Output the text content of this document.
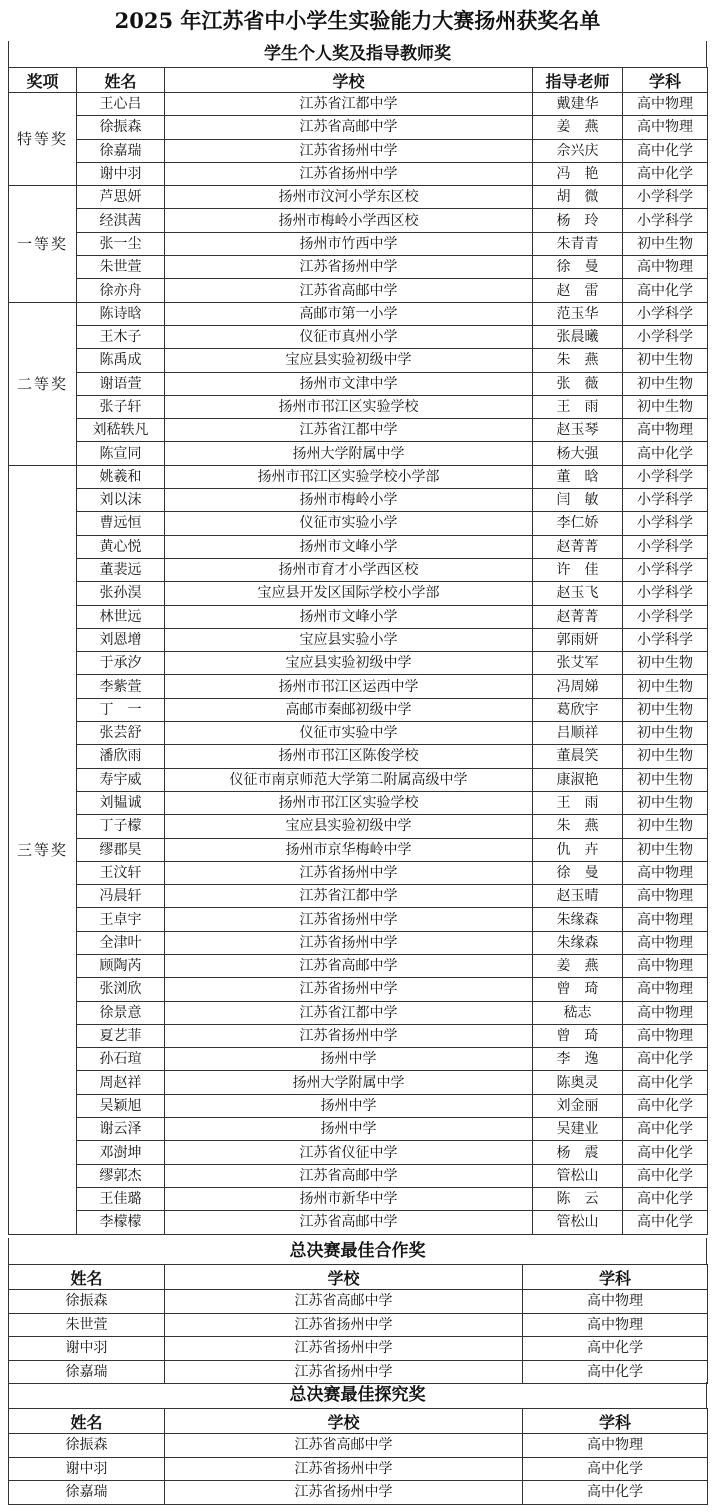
2025 年江苏省中小学生实验能力大赛扬州获奖名单
学生个人奖及指导教师奖
奖项	姓名	学校	指导老师	学科
特等奖	王心吕	江苏省江都中学	戴建华	高中物理
	徐振森	江苏省高邮中学	姜　燕	高中物理
	徐嘉瑞	江苏省扬州中学	佘兴庆	高中化学
	谢中羽	江苏省扬州中学	冯　艳	高中化学
一等奖	芦思妍	扬州市汶河小学东区校	胡　微	小学科学
	经淇茜	扬州市梅岭小学西区校	杨　玲	小学科学
	张一尘	扬州市竹西中学	朱青青	初中生物
	朱世萱	江苏省扬州中学	徐　曼	高中物理
	徐亦舟	江苏省高邮中学	赵　雷	高中化学
二等奖	陈诗晗	高邮市第一小学	范玉华	小学科学
	王木子	仪征市真州小学	张晨曦	小学科学
	陈禹成	宝应县实验初级中学	朱　燕	初中生物
	谢语萱	扬州市文津中学	张　薇	初中生物
	张子轩	扬州市邗江区实验学校	王　雨	初中生物
	刘嵇轶凡	江苏省江都中学	赵玉琴	高中物理
	陈宣同	扬州大学附属中学	杨大强	高中化学
三等奖	姚羲和	扬州市邗江区实验学校小学部	董　晗	小学科学
	刘以沫	扬州市梅岭小学	闫　敏	小学科学
	曹远恒	仪征市实验小学	李仁娇	小学科学
	黄心悦	扬州市文峰小学	赵菁菁	小学科学
	董裴远	扬州市育才小学西区校	许　佳	小学科学
	张孙淏	宝应县开发区国际学校小学部	赵玉飞	小学科学
	林世远	扬州市文峰小学	赵菁菁	小学科学
	刘恩增	宝应县实验小学	郭雨妍	小学科学
	于承汐	宝应县实验初级中学	张艾军	初中生物
	李紫萱	扬州市邗江区运西中学	冯周娣	初中生物
	丁　一	高邮市秦邮初级中学	葛欣宇	初中生物
	张芸舒	仪征市实验中学	吕顺祥	初中生物
	潘欣雨	扬州市邗江区陈俊学校	董晨笑	初中生物
	寿宇威	仪征市南京师范大学第二附属高级中学	康淑艳	初中生物
	刘韫诚	扬州市邗江区实验学校	王　雨	初中生物
	丁子檬	宝应县实验初级中学	朱　燕	初中生物
	缪郡昊	扬州市京华梅岭中学	仇　卉	初中生物
	王汶轩	江苏省扬州中学	徐　曼	高中物理
	冯晨轩	江苏省江都中学	赵玉晴	高中物理
	王卓宇	江苏省扬州中学	朱缘森	高中物理
	全津叶	江苏省扬州中学	朱缘森	高中物理
	顾陶芮	江苏省高邮中学	姜　燕	高中物理
	张浏欣	江苏省扬州中学	曾　琦	高中物理
	徐景意	江苏省江都中学	嵇志	高中物理
	夏艺菲	江苏省扬州中学	曾　琦	高中物理
	孙石瑄	扬州中学	李　逸	高中化学
	周赵祥	扬州大学附属中学	陈奥灵	高中化学
	吴颖旭	扬州中学	刘金丽	高中化学
	谢云泽	扬州中学	吴建业	高中化学
	邓澍坤	江苏省仪征中学	杨　震	高中化学
	缪郭杰	江苏省高邮中学	管松山	高中化学
	王佳璐	扬州市新华中学	陈　云	高中化学
	李檬檬	江苏省高邮中学	管松山	高中化学
总决赛最佳合作奖
姓名	学校	学科
徐振森	江苏省高邮中学	高中物理
朱世萱	江苏省扬州中学	高中物理
谢中羽	江苏省扬州中学	高中化学
徐嘉瑞	江苏省扬州中学	高中化学
总决赛最佳探究奖
姓名	学校	学科
徐振森	江苏省高邮中学	高中物理
谢中羽	江苏省扬州中学	高中化学
徐嘉瑞	江苏省扬州中学	高中化学
